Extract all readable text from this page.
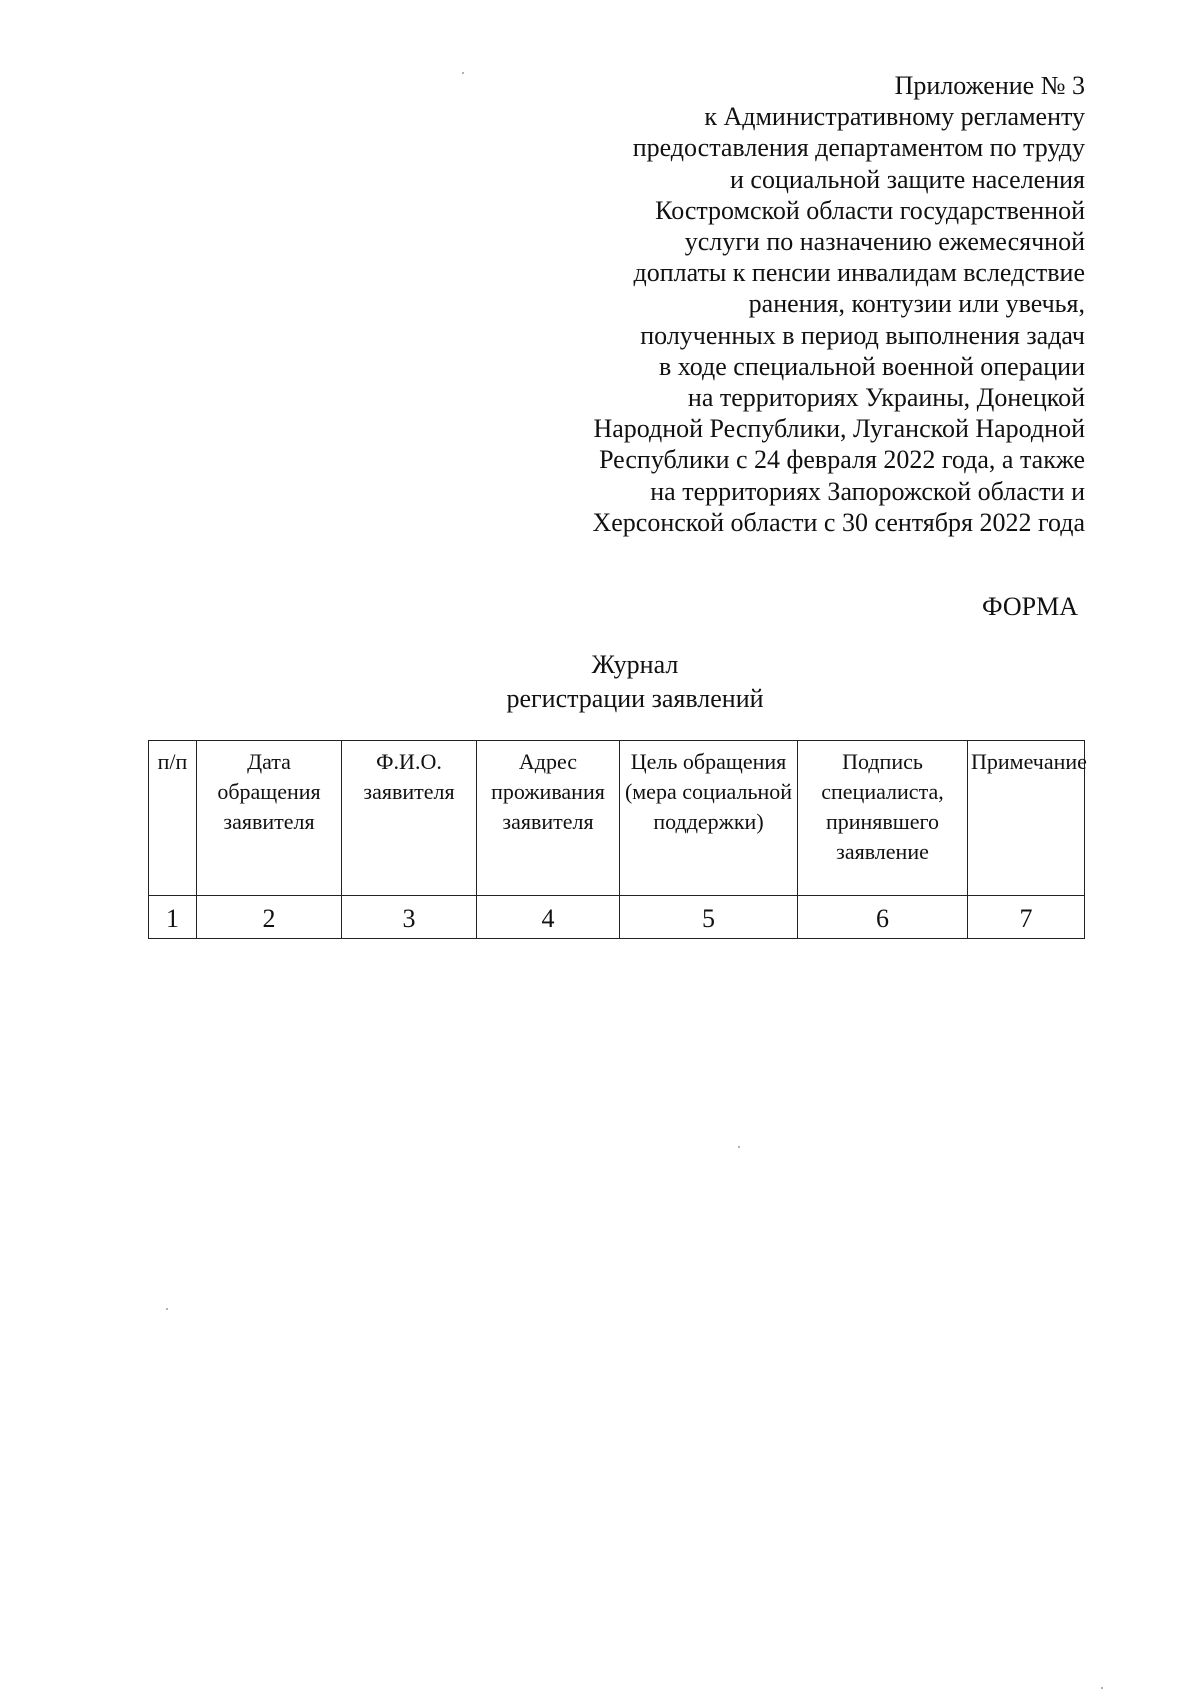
Приложение № 3
к Административному регламенту
предоставления департаментом по труду
и социальной защите населения
Костромской области государственной
услуги по назначению ежемесячной
доплаты к пенсии инвалидам вследствие
ранения, контузии или увечья,
полученных в период выполнения задач
в ходе специальной военной операции
на территориях Украины, Донецкой
Народной Республики, Луганской Народной
Республики с 24 февраля 2022 года, а также
на территориях Запорожской области и
Херсонской области с 30 сентября 2022 года
ФОРМА
Журнал
регистрации заявлений
п/п	Дата обращения заявителя	Ф.И.О. заявителя	Адрес проживания заявителя	Цель обращения (мера социальной поддержки)	Подпись специалиста, принявшего заявление	Примечание
1	2	3	4	5	6	7
